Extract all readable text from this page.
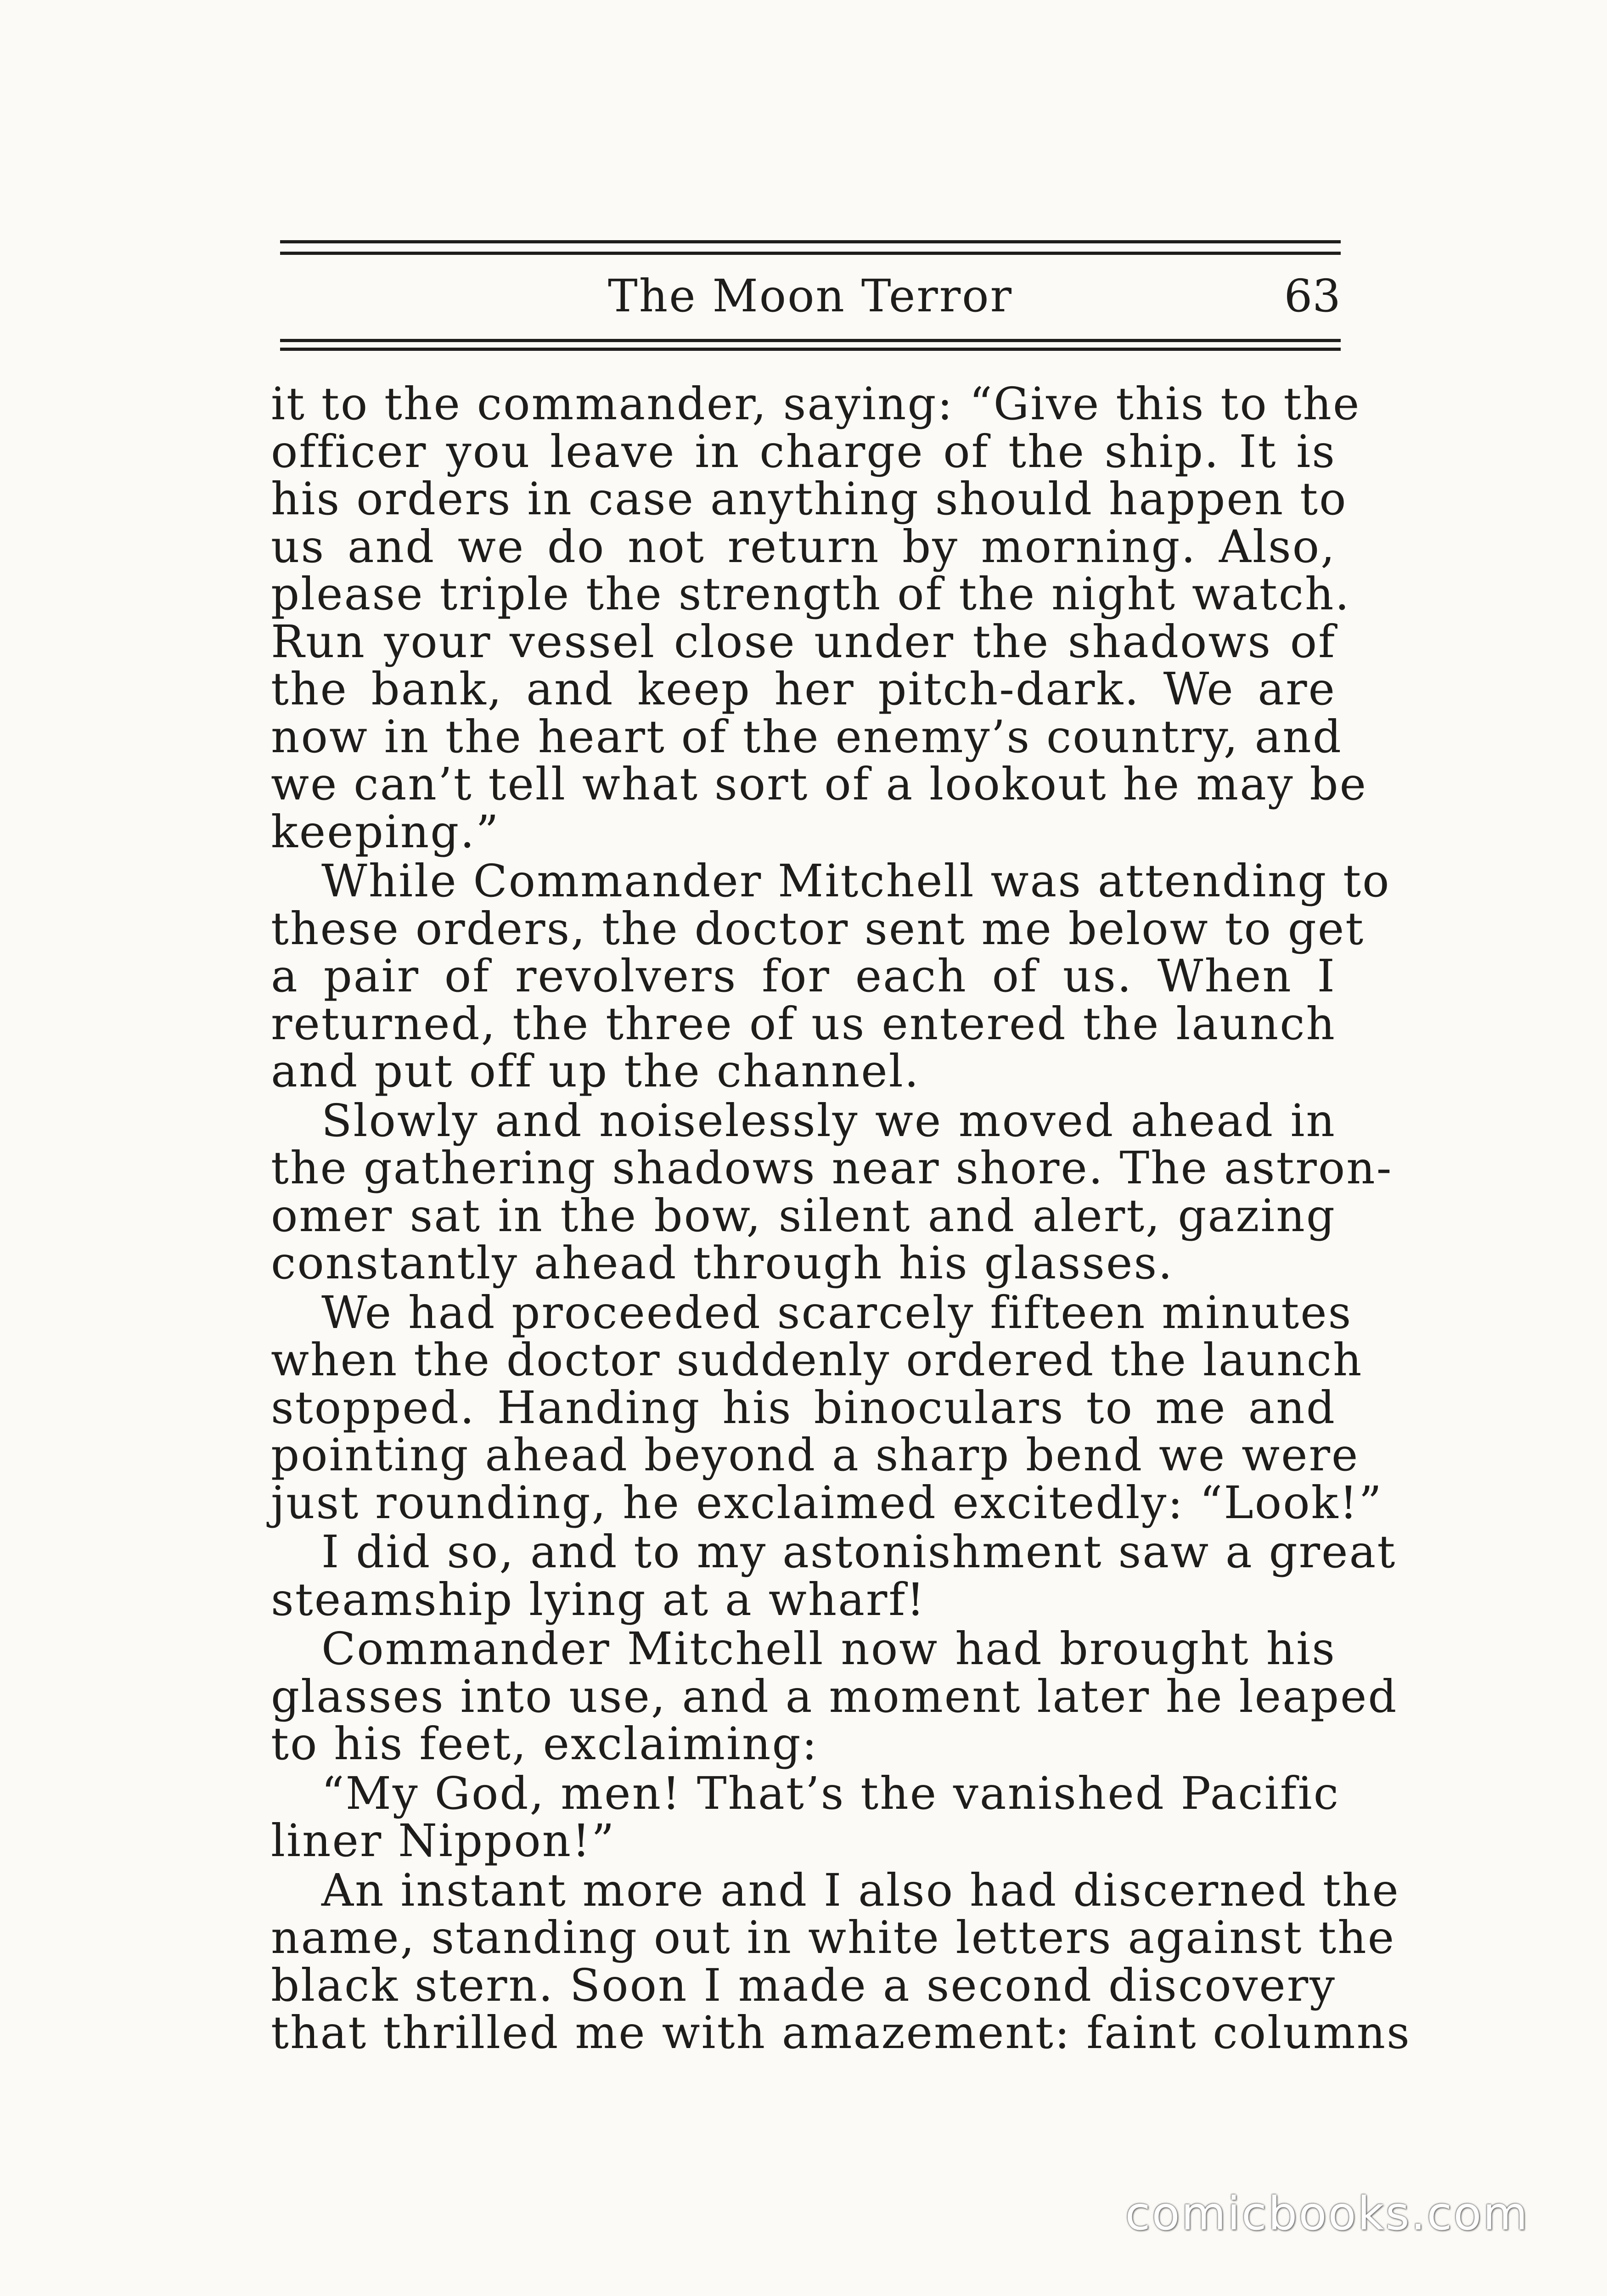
The Moon Terror	63
it to the commander, saying: “Give this to the
officer you leave in charge of the ship. It is
his orders in case anything should happen to
us and we do not return by morning. Also,
please triple the strength of the night watch.
Run your vessel close under the shadows of
the bank, and keep her pitch-dark. We are
now in the heart of the enemy’s country, and
we can’t tell what sort of a lookout he may be
keeping.”
While Commander Mitchell was attending to
these orders, the doctor sent me below to get
a pair of revolvers for each of us. When I
returned, the three of us entered the launch
and put off up the channel.
Slowly and noiselessly we moved ahead in
the gathering shadows near shore. The astron-
omer sat in the bow, silent and alert, gazing
constantly ahead through his glasses.
We had proceeded scarcely fifteen minutes
when the doctor suddenly ordered the launch
stopped. Handing his binoculars to me and
pointing ahead beyond a sharp bend we were
just rounding, he exclaimed excitedly: “Look!”
I did so, and to my astonishment saw a great
steamship lying at a wharf!
Commander Mitchell now had brought his
glasses into use, and a moment later he leaped
to his feet, exclaiming:
“My God, men! That’s the vanished Pacific
liner Nippon!”
An instant more and I also had discerned the
name, standing out in white letters against the
black stern. Soon I made a second discovery
that thrilled me with amazement: faint columns
comicbooks.com
